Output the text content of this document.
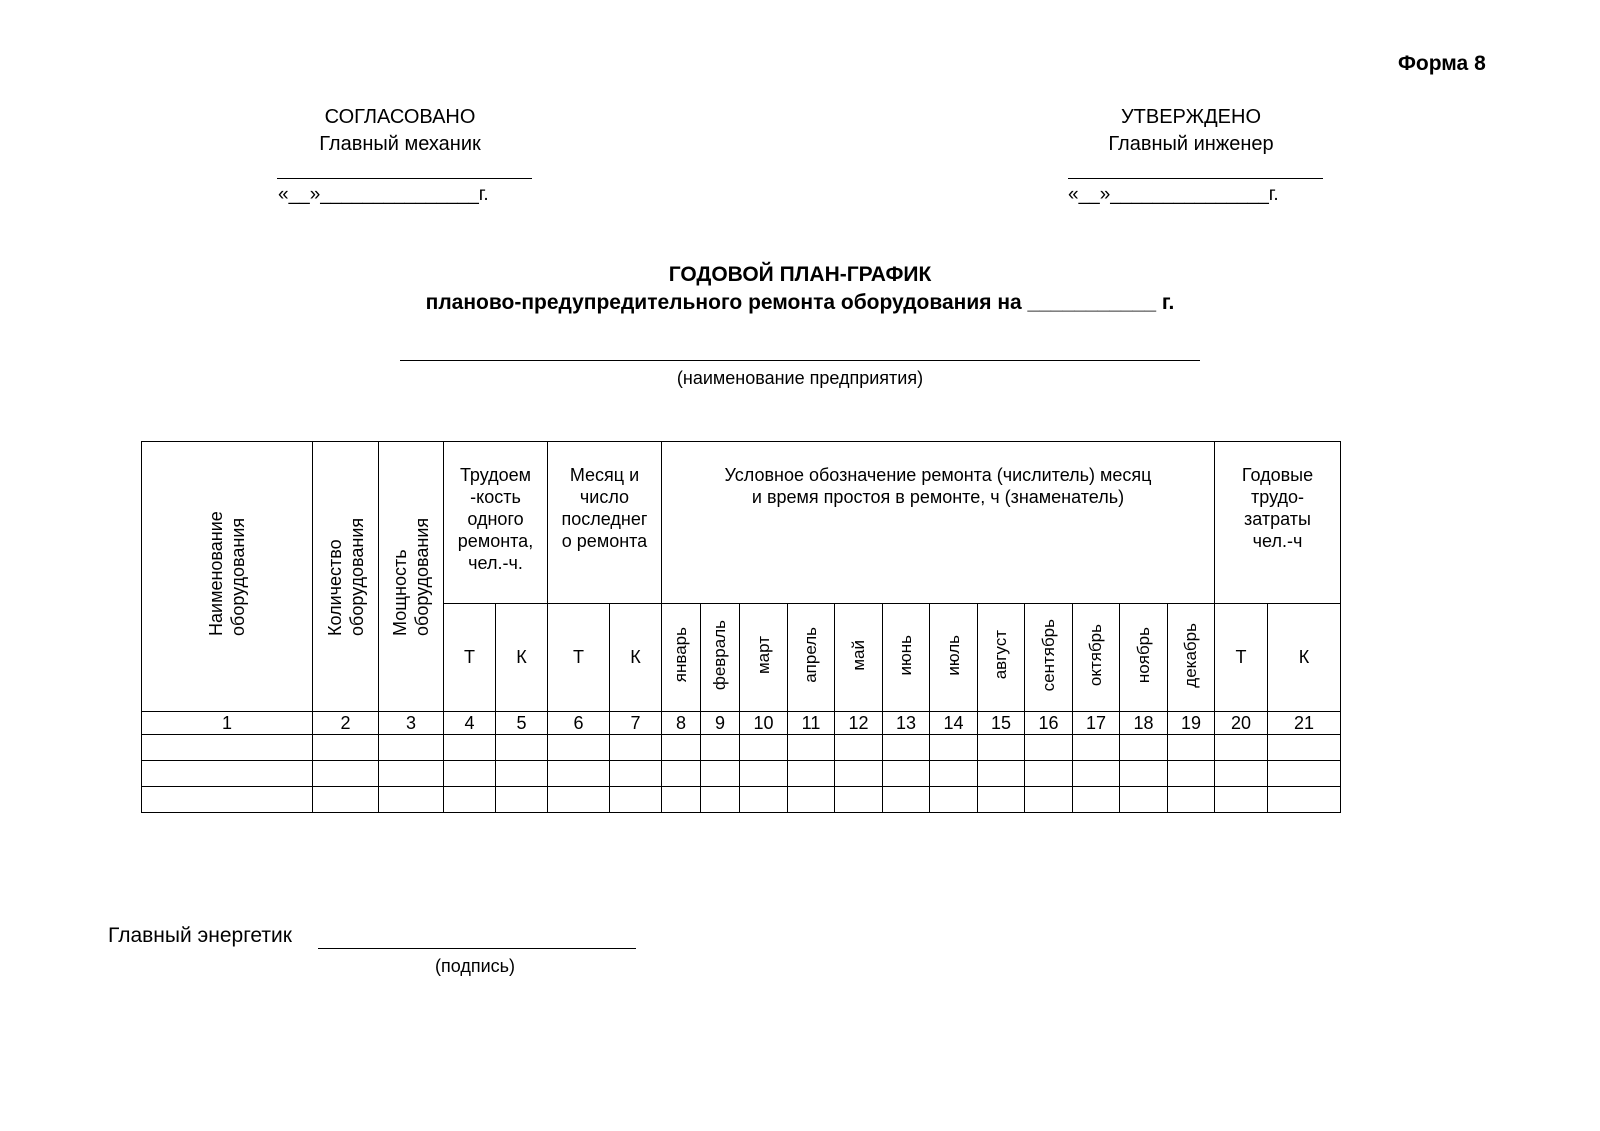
Форма 8
СОГЛАСОВАНО
Главный механик
«__»_______________г.
УТВЕРЖДЕНО
Главный инженер
«__»_______________г.
ГОДОВОЙ ПЛАН-ГРАФИК
планово-предупредительного ремонта оборудования на ___________ г.
(наименование предприятия)
Наименование оборудования	Количество оборудования	Мощность оборудования	Трудоем -кость одного ремонта, чел.-ч.		Месяц и число последнег о ремонта		Условное обозначение ремонта (числитель) месяц и время простоя в ремонте, ч (знаменатель)												Годовые трудо-затраты чел.-ч	
			Т	К	Т	К	январь	февраль	март	апрель	май	июнь	июль	август	сентябрь	октябрь	ноябрь	декабрь	Т	К
1	2	3	4	5	6	7	8	9	10	11	12	13	14	15	16	17	18	19	20	21

Главный энергетик
(подпись)
